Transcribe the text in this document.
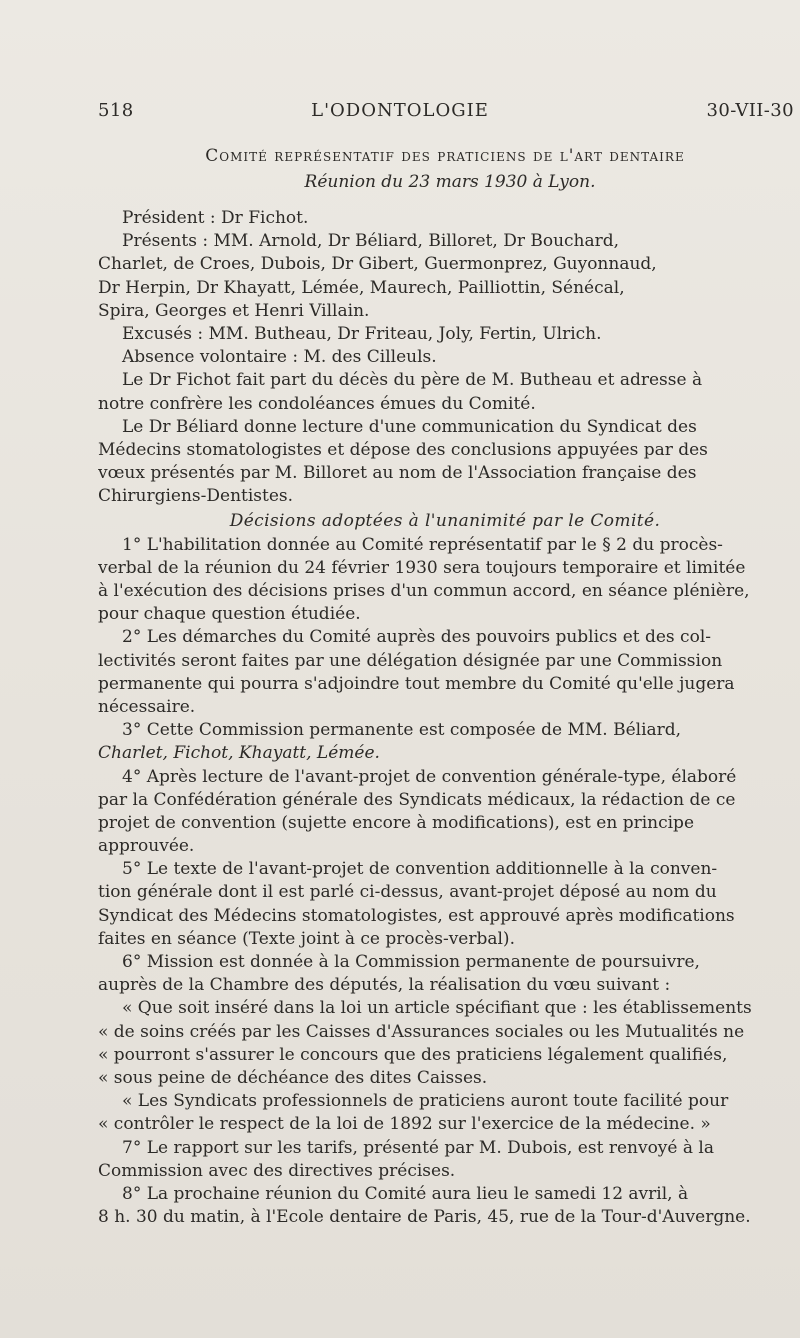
518	L'ODONTOLOGIE	30-VII-30
Comité représentatif des praticiens de l'art dentaire
Réunion du 23 mars 1930 à Lyon.
Président : Dr Fichot.
Présents : MM. Arnold, Dr Béliard, Billoret, Dr Bouchard,
Charlet, de Croes, Dubois, Dr Gibert, Guermonprez, Guyonnaud,
Dr Herpin, Dr Khayatt, Lémée, Maurech, Pailliottin, Sénécal,
Spira, Georges et Henri Villain.
Excusés : MM. Butheau, Dr Friteau, Joly, Fertin, Ulrich.
Absence volontaire : M. des Cilleuls.
Le Dr Fichot fait part du décès du père de M. Butheau et adresse à
notre confrère les condoléances émues du Comité.
Le Dr Béliard donne lecture d'une communication du Syndicat des
Médecins stomatologistes et dépose des conclusions appuyées par des
vœux présentés par M. Billoret au nom de l'Association française des
Chirurgiens-Dentistes.
Décisions adoptées à l'unanimité par le Comité.
1° L'habilitation donnée au Comité représentatif par le § 2 du procès-
verbal de la réunion du 24 février 1930 sera toujours temporaire et limitée
à l'exécution des décisions prises d'un commun accord, en séance plénière,
pour chaque question étudiée.
2° Les démarches du Comité auprès des pouvoirs publics et des col-
lectivités seront faites par une délégation désignée par une Commission
permanente qui pourra s'adjoindre tout membre du Comité qu'elle jugera
nécessaire.
3° Cette Commission permanente est composée de MM. Béliard,
Charlet, Fichot, Khayatt, Lémée.
4° Après lecture de l'avant-projet de convention générale-type, élaboré
par la Confédération générale des Syndicats médicaux, la rédaction de ce
projet de convention (sujette encore à modifications), est en principe
approuvée.
5° Le texte de l'avant-projet de convention additionnelle à la conven-
tion générale dont il est parlé ci-dessus, avant-projet déposé au nom du
Syndicat des Médecins stomatologistes, est approuvé après modifications
faites en séance (Texte joint à ce procès-verbal).
6° Mission est donnée à la Commission permanente de poursuivre,
auprès de la Chambre des députés, la réalisation du vœu suivant :
« Que soit inséré dans la loi un article spécifiant que : les établissements
« de soins créés par les Caisses d'Assurances sociales ou les Mutualités ne
« pourront s'assurer le concours que des praticiens légalement qualifiés,
« sous peine de déchéance des dites Caisses.
« Les Syndicats professionnels de praticiens auront toute facilité pour
« contrôler le respect de la loi de 1892 sur l'exercice de la médecine. »
7° Le rapport sur les tarifs, présenté par M. Dubois, est renvoyé à la
Commission avec des directives précises.
8° La prochaine réunion du Comité aura lieu le samedi 12 avril, à
8 h. 30 du matin, à l'Ecole dentaire de Paris, 45, rue de la Tour-d'Auvergne.
